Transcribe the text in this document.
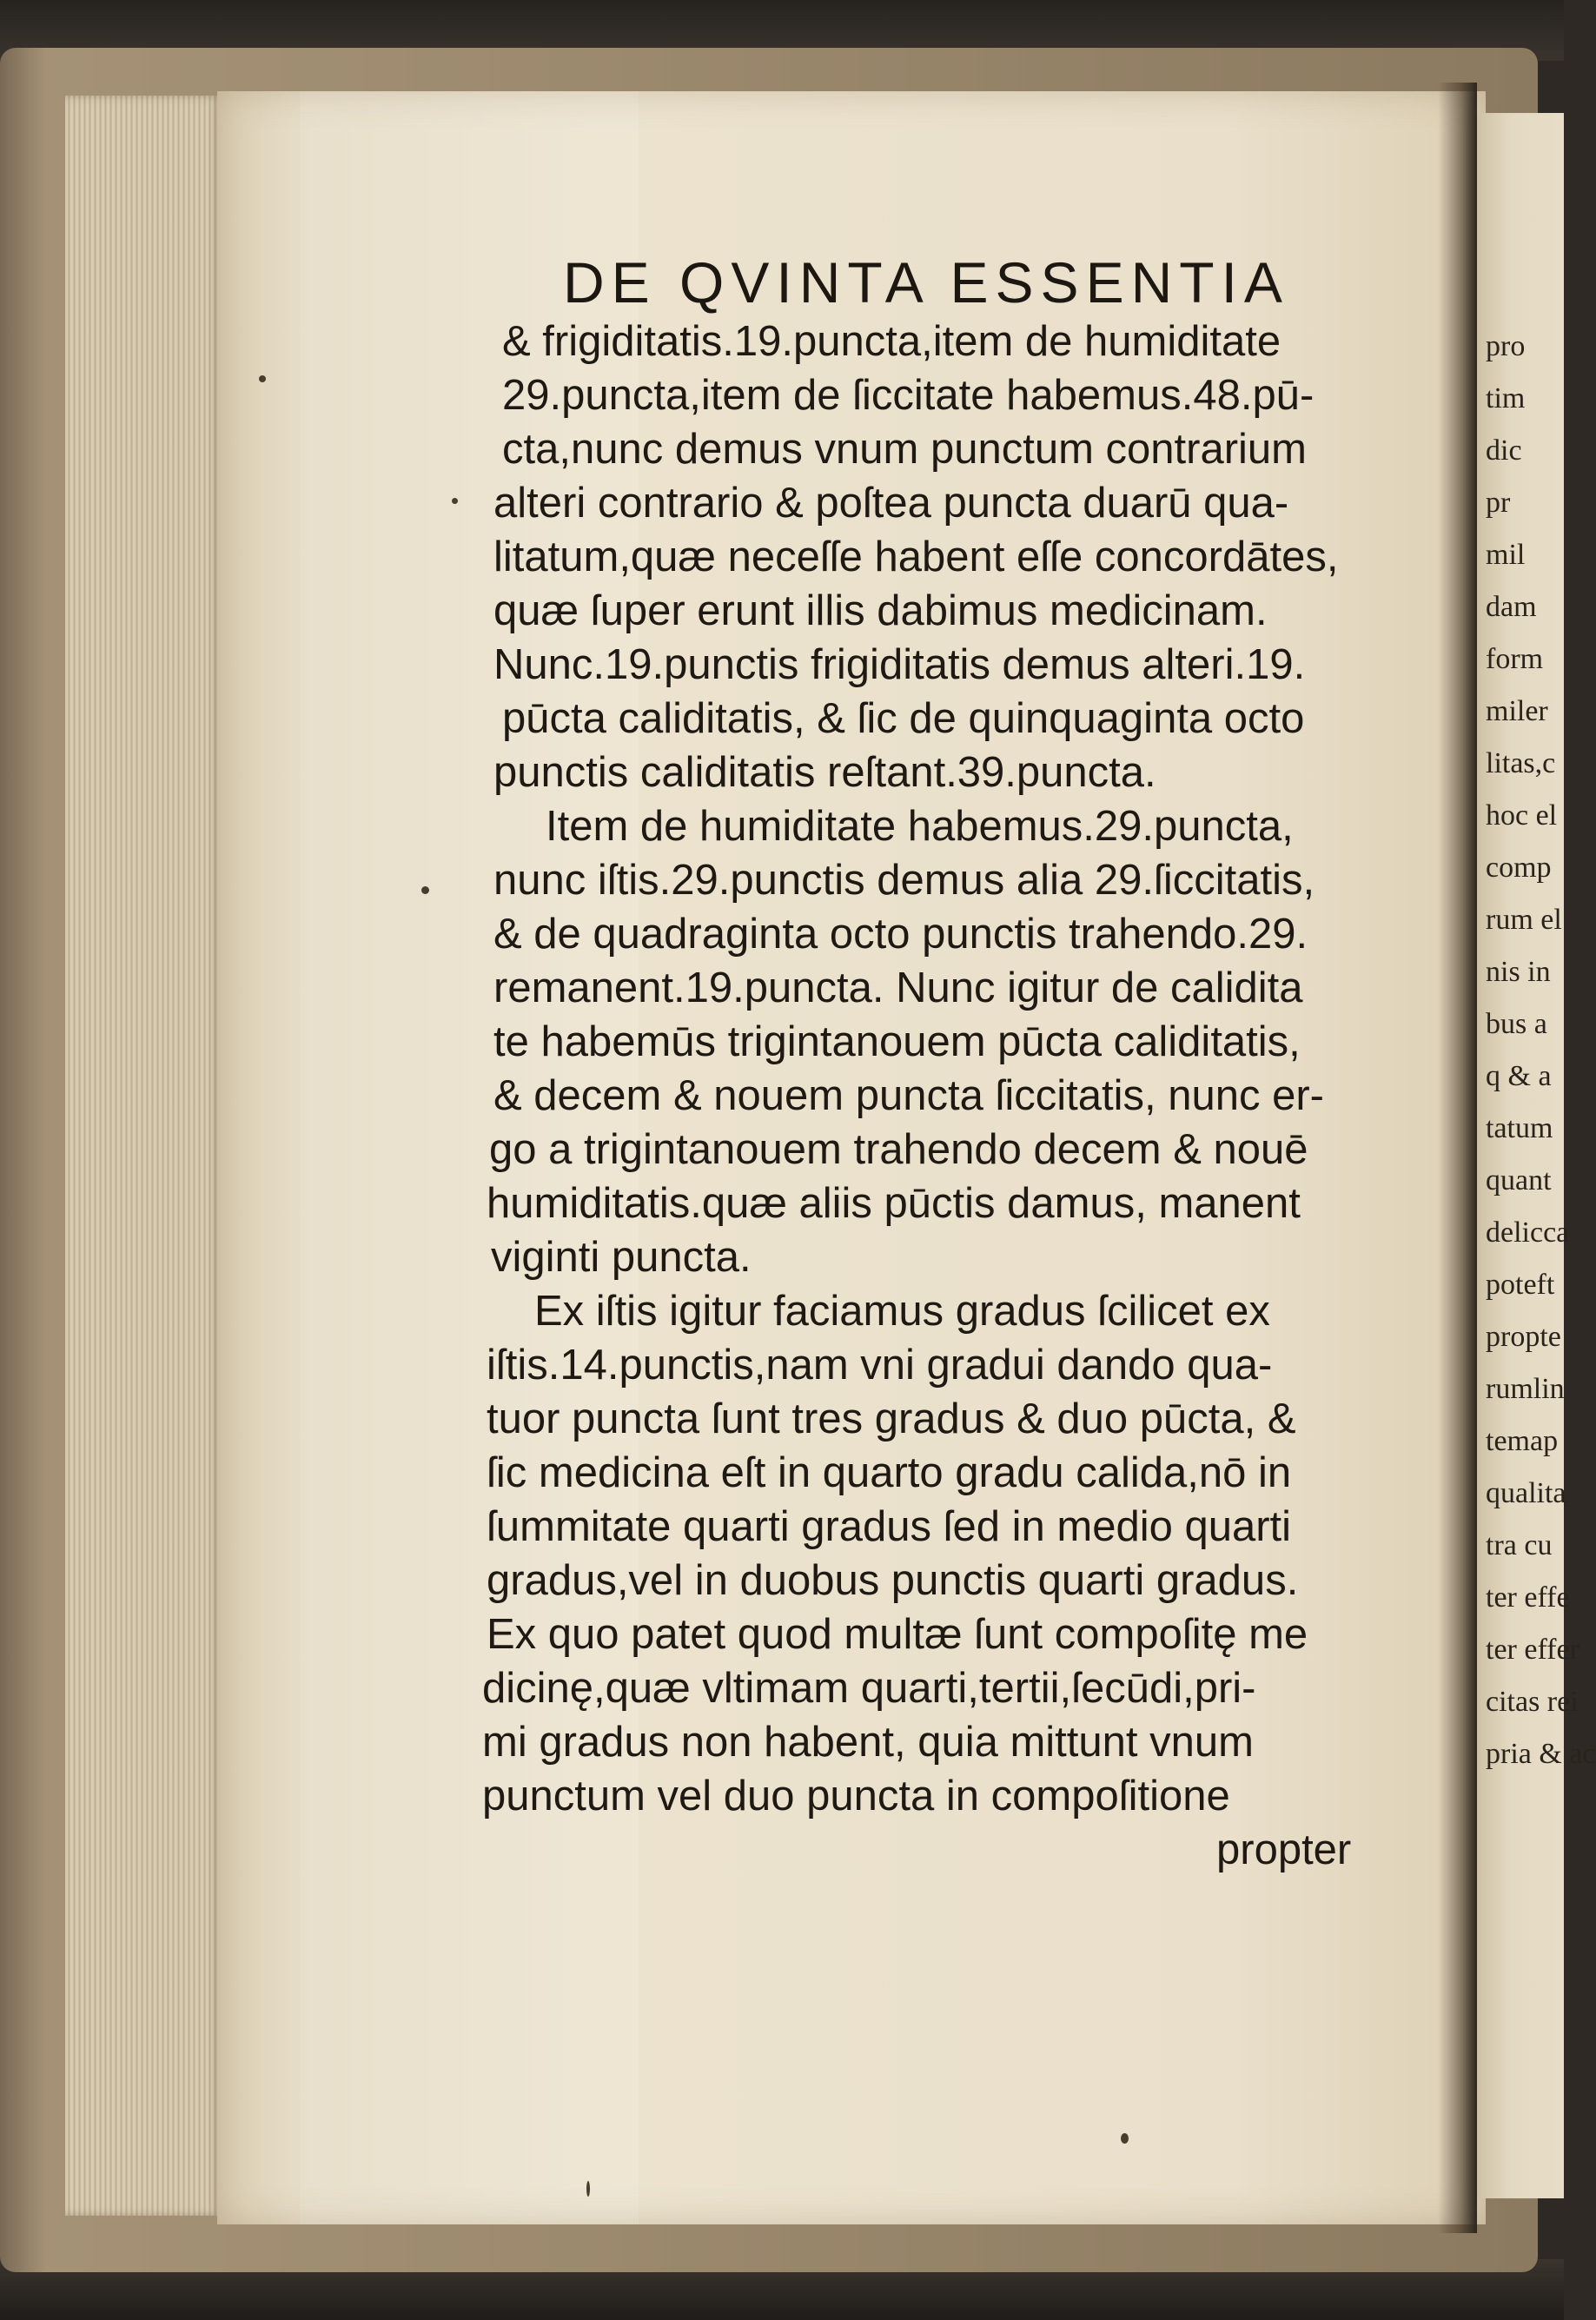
pro
tim
dic
pr
mil
dam
form
miler
litas,c
hoc el
comp
rum el
nis in
bus a
q & a
tatum
quant
delicca
poteft
propte
rumlin
temap
qualita
tra cu
ter effe
ter effer
citas rei
pria & ac
DE QVINTA ESSENTIA
& frigiditatis.19.puncta,item de humiditate
29.puncta,item de ſiccitate habemus.48.pū-
cta,nunc demus vnum punctum contrarium
alteri contrario & poſtea puncta duarū qua-
litatum,quæ neceſſe habent eſſe concordātes,
quæ ſuper erunt illis dabimus medicinam.
Nunc.19.punctis frigiditatis demus alteri.19.
pūcta caliditatis, & ſic de quinquaginta octo
punctis caliditatis reſtant.39.puncta.
Item de humiditate habemus.29.puncta,
nunc iſtis.29.punctis demus alia 29.ſiccitatis,
& de quadraginta octo punctis trahendo.29.
remanent.19.puncta. Nunc igitur de calidita
te habemūs trigintanouem pūcta caliditatis,
& decem & nouem puncta ſiccitatis, nunc er-
go a trigintanouem trahendo decem & nouē
humiditatis.quæ aliis pūctis damus, manent
viginti puncta.
Ex iſtis igitur faciamus gradus ſcilicet ex
iſtis.14.punctis,nam vni gradui dando qua-
tuor puncta ſunt tres gradus & duo pūcta, &
ſic medicina eſt in quarto gradu calida,nō in
ſummitate quarti gradus ſed in medio quarti
gradus,vel in duobus punctis quarti gradus.
Ex quo patet quod multæ ſunt compoſitę me
dicinę,quæ vltimam quarti,tertii,ſecūdi,pri-
mi gradus non habent, quia mittunt vnum
punctum vel duo puncta in compoſitione
propter
